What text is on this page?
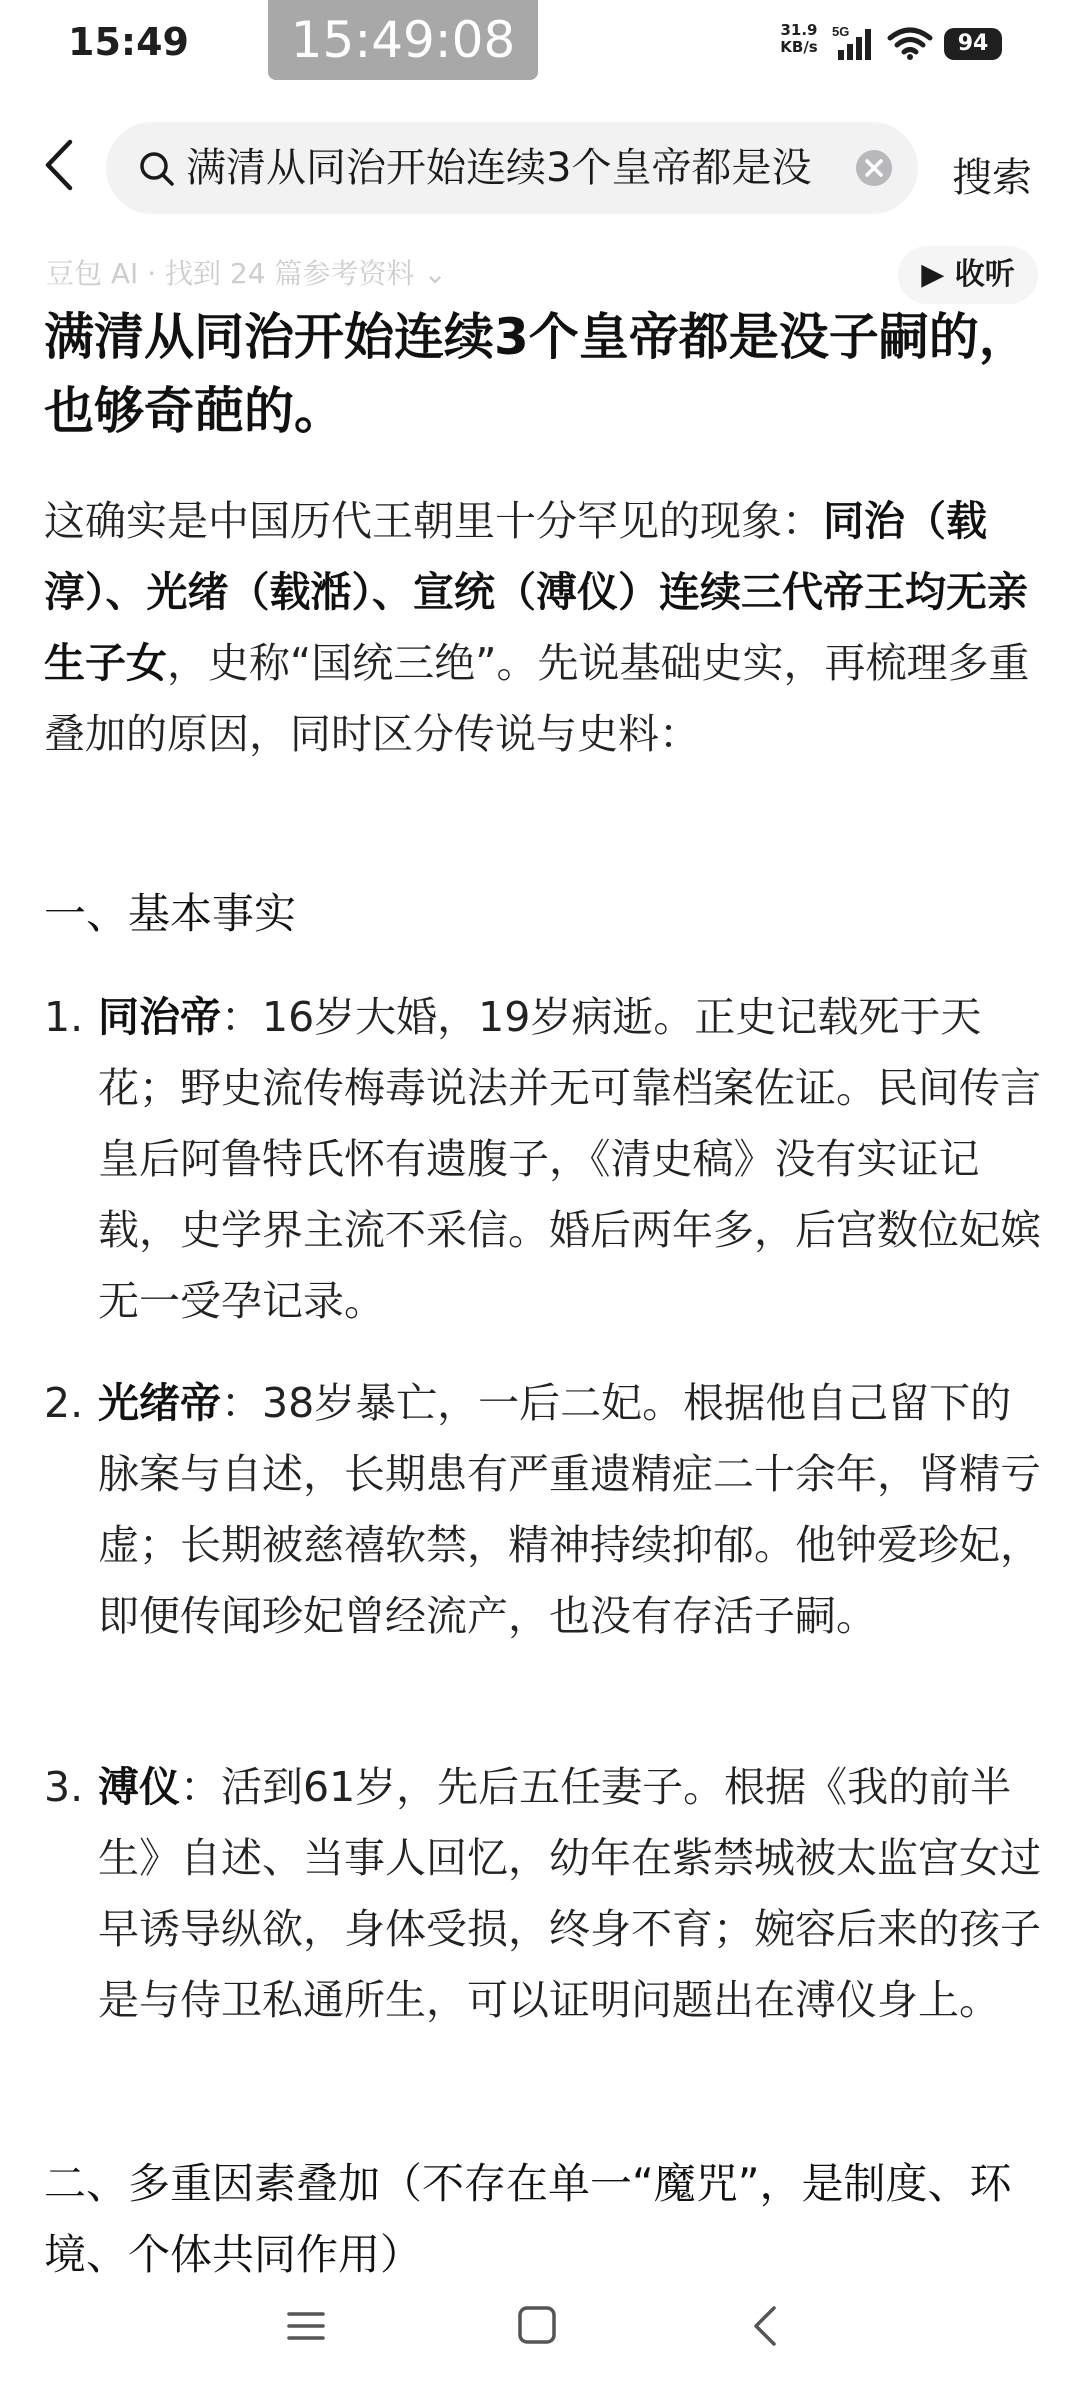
15:49	15:49:08	31.9
KB/s
5G	94
满清从同治开始连续3个皇帝都是没	搜索
豆包 AI · 找到 24 篇参考资料 ⌄	▶ 收听
满清从同治开始连续3个皇帝都是没子嗣的，也够奇葩的。

这确实是中国历代王朝里十分罕见的现象：同治（载淳）、光绪（载湉）、宣统（溥仪）连续三代帝王均无亲生子女，史称“国统三绝”。先说基础史实，再梳理多重叠加的原因，同时区分传说与史料：

一、基本事实
1. 同治帝：16岁大婚，19岁病逝。正史记载死于天花；野史流传梅毒说法并无可靠档案佐证。民间传言皇后阿鲁特氏怀有遗腹子，《清史稿》没有实证记载，史学界主流不采信。婚后两年多，后宫数位妃嫔无一受孕记录。
2. 光绪帝：38岁暴亡，一后二妃。根据他自己留下的脉案与自述，长期患有严重遗精症二十余年，肾精亏虚；长期被慈禧软禁，精神持续抑郁。他钟爱珍妃，即便传闻珍妃曾经流产，也没有存活子嗣。
3. 溥仪：活到61岁，先后五任妻子。根据《我的前半生》自述、当事人回忆，幼年在紫禁城被太监宫女过早诱导纵欲，身体受损，终身不育；婉容后来的孩子是与侍卫私通所生，可以证明问题出在溥仪身上。
二、多重因素叠加（不存在单一“魔咒”，是制度、环境、个体共同作用）
